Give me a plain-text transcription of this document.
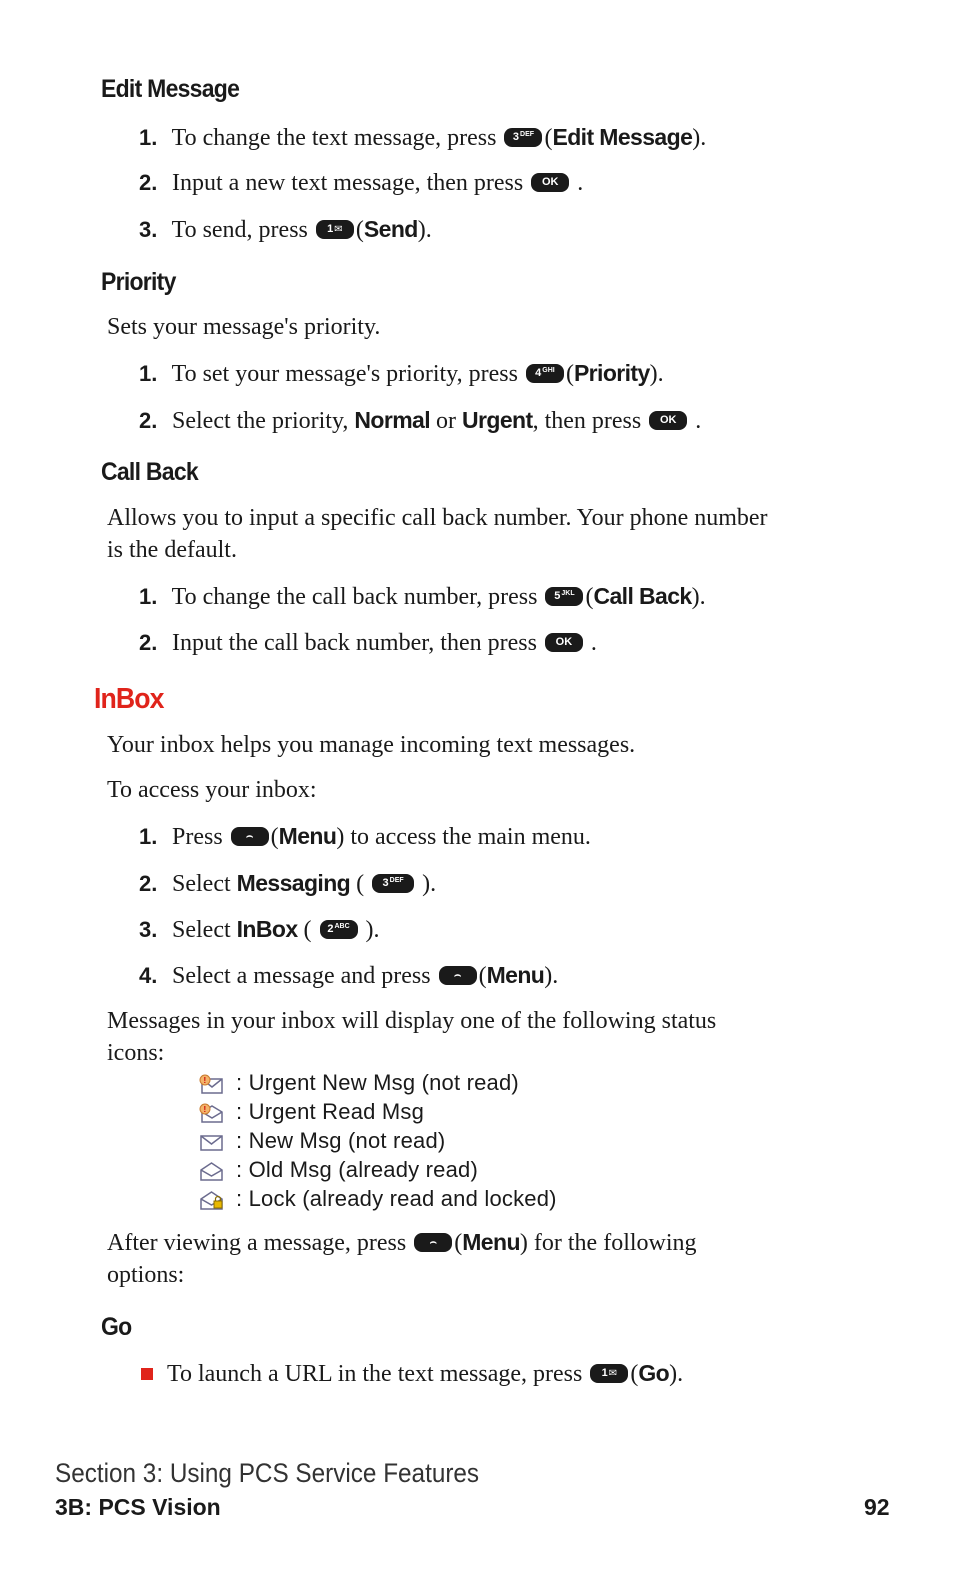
Edit Message
1. To change the text message, press $3^{DEF}$ (Edit Message).
2. Input a new text message, then press OK .
3. To send, press 1✉ (Send).
Priority
Sets your message's priority.
1. To set your message's priority, press $4^{GHI}$ (Priority).
2. Select the priority, Normal or Urgent, then press OK .
Call Back
Allows you to input a specific call back number. Your phone number
is the default.
1. To change the call back number, press $5^{JKL}$ (Call Back).
2. Input the call back number, then press OK .
InBox
Your inbox helps you manage incoming text messages.
To access your inbox:
1. Press ⌢ (Menu) to access the main menu.
2. Select Messaging ( $3^{DEF}$ ).
3. Select InBox ( $2^{ABC}$ ).
4. Select a message and press ⌢ (Menu).
Messages in your inbox will display one of the following status
icons:
! : Urgent New Msg (not read)
! : Urgent Read Msg
: New Msg (not read)
: Old Msg (already read)
: Lock (already read and locked)
After viewing a message, press ⌢ (Menu) for the following
options:
Go
To launch a URL in the text message, press 1✉ (Go).
Section 3: Using PCS Service Features
3B: PCS Vision	92
